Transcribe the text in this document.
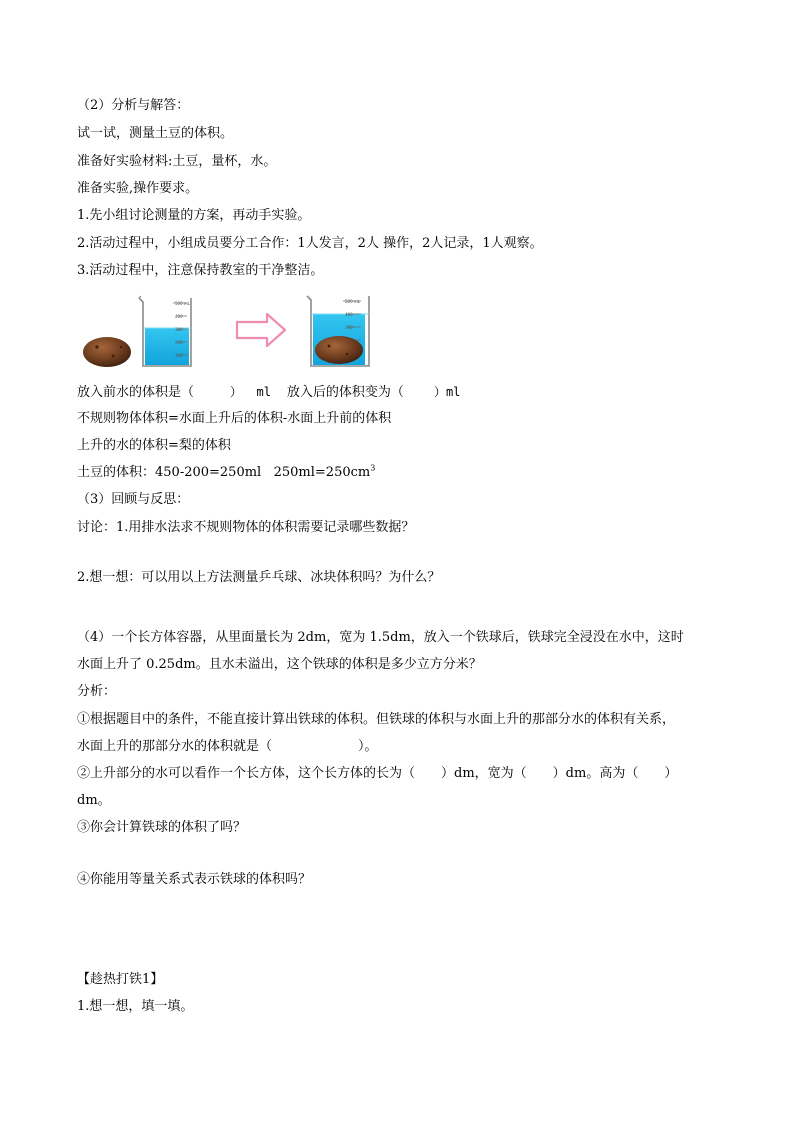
（2）分析与解答：
试一试，测量土豆的体积。
准备好实验材料:土豆，量杯，水。
准备实验,操作要求。
1.先小组讨论测量的方案，再动手实验。
2.活动过程中，小组成员要分工合作：1人发言，2人 操作，2人记录，1人观察。
3.活动过程中，注意保持教室的干净整洁。
500 mL
400
300
200
100
500 mL
400
300
放入前水的体积是（	）  ml 放入后的体积变为（	）ml
不规则物体体积=水面上升后的体积-水面上升前的体积
上升的水的体积=梨的体积
土豆的体积：450-200=250ml   $250ml=250cm^3$
（3）回顾与反思：
讨论：1.用排水法求不规则物体的体积需要记录哪些数据？
2.想一想：可以用以上方法测量乒乓球、冰块体积吗？为什么？
（4）一个长方体容器，从里面量长为 2dm，宽为 1.5dm，放入一个铁球后，铁球完全浸没在水中，这时
水面上升了 0.25dm。且水未溢出，这个铁球的体积是多少立方分米？
分析：
①根据题目中的条件，不能直接计算出铁球的体积。但铁球的体积与水面上升的那部分水的体积有关系，
水面上升的那部分水的体积就是（	）。
②上升部分的水可以看作一个长方体，这个长方体的长为（ ）dm，宽为（ ）dm。高为（ ）
dm。
③你会计算铁球的体积了吗？
④你能用等量关系式表示铁球的体积吗？
【趁热打铁1】
1.想一想，填一填。
